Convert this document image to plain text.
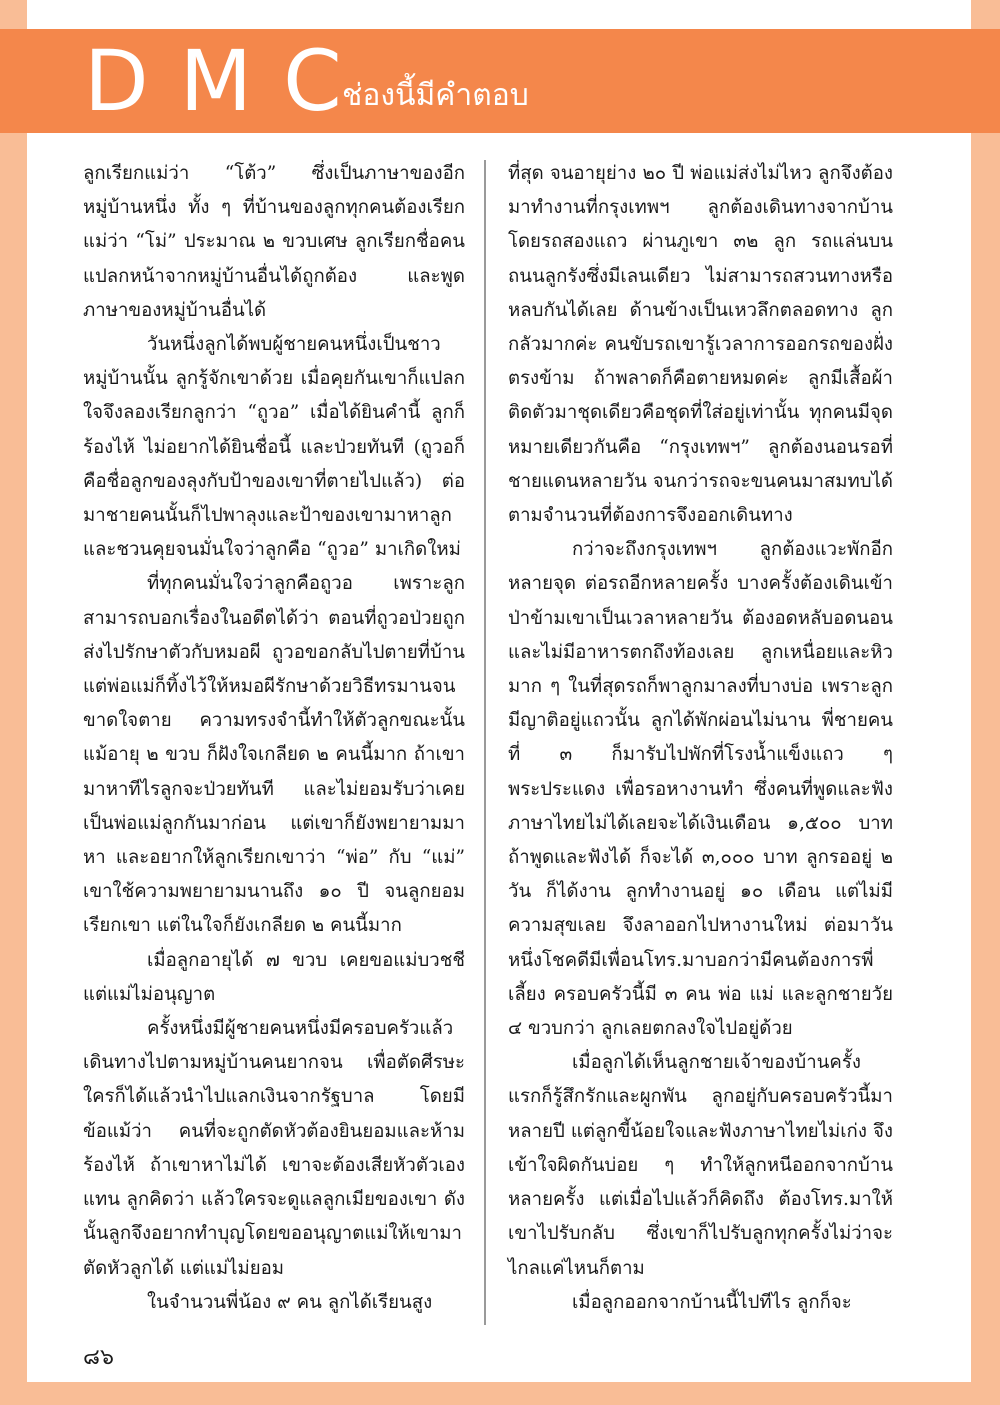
DMC
ช่องนี้มีคำตอบ

ลูกเรียกแม่ว่า “โต้ว” ซึ่งเป็นภาษาของอีกหมู่บ้านหนึ่ง ทั้ง ๆ ที่บ้านของลูกทุกคนต้องเรียกแม่ว่า “โม่” ประมาณ ๒ ขวบเศษ ลูกเรียกชื่อคนแปลกหน้าจากหมู่บ้านอื่นได้ถูกต้อง และพูดภาษาของหมู่บ้านอื่นได้

วันหนึ่งลูกได้พบผู้ชายคนหนึ่งเป็นชาวหมู่บ้านนั้น ลูกรู้จักเขาด้วย เมื่อคุยกันเขาก็แปลกใจจึงลองเรียกลูกว่า “ถูวอ” เมื่อได้ยินคำนี้ ลูกก็ร้องไห้ ไม่อยากได้ยินชื่อนี้ และป่วยทันที (ถูวอก็คือชื่อลูกของลุงกับป้าของเขาที่ตายไปแล้ว) ต่อมาชายคนนั้นก็ไปพาลุงและป้าของเขามาหาลูก และชวนคุยจนมั่นใจว่าลูกคือ “ถูวอ” มาเกิดใหม่

ที่ทุกคนมั่นใจว่าลูกคือถูวอ เพราะลูกสามารถบอกเรื่องในอดีตได้ว่า ตอนที่ถูวอป่วยถูกส่งไปรักษาตัวกับหมอผี ถูวอขอกลับไปตายที่บ้าน แต่พ่อแม่ก็ทิ้งไว้ให้หมอผีรักษาด้วยวิธีทรมานจนขาดใจตาย ความทรงจำนี้ทำให้ตัวลูกขณะนั้นแม้อายุ ๒ ขวบ ก็ฝังใจเกลียด ๒ คนนี้มาก ถ้าเขามาหาทีไรลูกจะป่วยทันที และไม่ยอมรับว่าเคยเป็นพ่อแม่ลูกกันมาก่อน แต่เขาก็ยังพยายามมาหา และอยากให้ลูกเรียกเขาว่า “พ่อ” กับ “แม่” เขาใช้ความพยายามนานถึง ๑๐ ปี จนลูกยอมเรียกเขา แต่ในใจก็ยังเกลียด ๒ คนนี้มาก

เมื่อลูกอายุได้ ๗ ขวบ เคยขอแม่บวชชี แต่แม่ไม่อนุญาต

ครั้งหนึ่งมีผู้ชายคนหนึ่งมีครอบครัวแล้ว เดินทางไปตามหมู่บ้านคนยากจน เพื่อตัดศีรษะใครก็ได้แล้วนำไปแลกเงินจากรัฐบาล โดยมีข้อแม้ว่า คนที่จะถูกตัดหัวต้องยินยอมและห้ามร้องไห้ ถ้าเขาหาไม่ได้ เขาจะต้องเสียหัวตัวเองแทน ลูกคิดว่า แล้วใครจะดูแลลูกเมียของเขา ดังนั้นลูกจึงอยากทำบุญโดยขออนุญาตแม่ให้เขามาตัดหัวลูกได้ แต่แม่ไม่ยอม

ในจำนวนพี่น้อง ๙ คน ลูกได้เรียนสูง

ที่สุด จนอายุย่าง ๒๐ ปี พ่อแม่ส่งไม่ไหว ลูกจึงต้องมาทำงานที่กรุงเทพฯ ลูกต้องเดินทางจากบ้านโดยรถสองแถว ผ่านภูเขา ๓๒ ลูก รถแล่นบนถนนลูกรังซึ่งมีเลนเดียว ไม่สามารถสวนทางหรือหลบกันได้เลย ด้านข้างเป็นเหวลึกตลอดทาง ลูกกลัวมากค่ะ คนขับรถเขารู้เวลาการออกรถของฝั่งตรงข้าม ถ้าพลาดก็คือตายหมดค่ะ ลูกมีเสื้อผ้าติดตัวมาชุดเดียวคือชุดที่ใส่อยู่เท่านั้น ทุกคนมีจุดหมายเดียวกันคือ “กรุงเทพฯ” ลูกต้องนอนรอที่ชายแดนหลายวัน จนกว่ารถจะขนคนมาสมทบได้ตามจำนวนที่ต้องการจึงออกเดินทาง

กว่าจะถึงกรุงเทพฯ ลูกต้องแวะพักอีกหลายจุด ต่อรถอีกหลายครั้ง บางครั้งต้องเดินเข้าป่าข้ามเขาเป็นเวลาหลายวัน ต้องอดหลับอดนอนและไม่มีอาหารตกถึงท้องเลย ลูกเหนื่อยและหิวมาก ๆ ในที่สุดรถก็พาลูกมาลงที่บางบ่อ เพราะลูกมีญาติอยู่แถวนั้น ลูกได้พักผ่อนไม่นาน พี่ชายคนที่ ๓ ก็มารับไปพักที่โรงน้ำแข็งแถว ๆ พระประแดง เพื่อรอหางานทำ ซึ่งคนที่พูดและฟังภาษาไทยไม่ได้เลยจะได้เงินเดือน ๑,๕๐๐ บาท ถ้าพูดและฟังได้ ก็จะได้ ๓,๐๐๐ บาท ลูกรออยู่ ๒ วัน ก็ได้งาน ลูกทำงานอยู่ ๑๐ เดือน แต่ไม่มีความสุขเลย จึงลาออกไปหางานใหม่ ต่อมาวันหนึ่งโชคดีมีเพื่อนโทร.มาบอกว่ามีคนต้องการพี่เลี้ยง ครอบครัวนี้มี ๓ คน พ่อ แม่ และลูกชายวัย ๔ ขวบกว่า ลูกเลยตกลงใจไปอยู่ด้วย

เมื่อลูกได้เห็นลูกชายเจ้าของบ้านครั้งแรกก็รู้สึกรักและผูกพัน ลูกอยู่กับครอบครัวนี้มาหลายปี แต่ลูกขี้น้อยใจและฟังภาษาไทยไม่เก่ง จึงเข้าใจผิดกันบ่อย ๆ ทำให้ลูกหนีออกจากบ้านหลายครั้ง แต่เมื่อไปแล้วก็คิดถึง ต้องโทร.มาให้เขาไปรับกลับ ซึ่งเขาก็ไปรับลูกทุกครั้งไม่ว่าจะไกลแค่ไหนก็ตาม

เมื่อลูกออกจากบ้านนี้ไปทีไร ลูกก็จะ

๘๖
